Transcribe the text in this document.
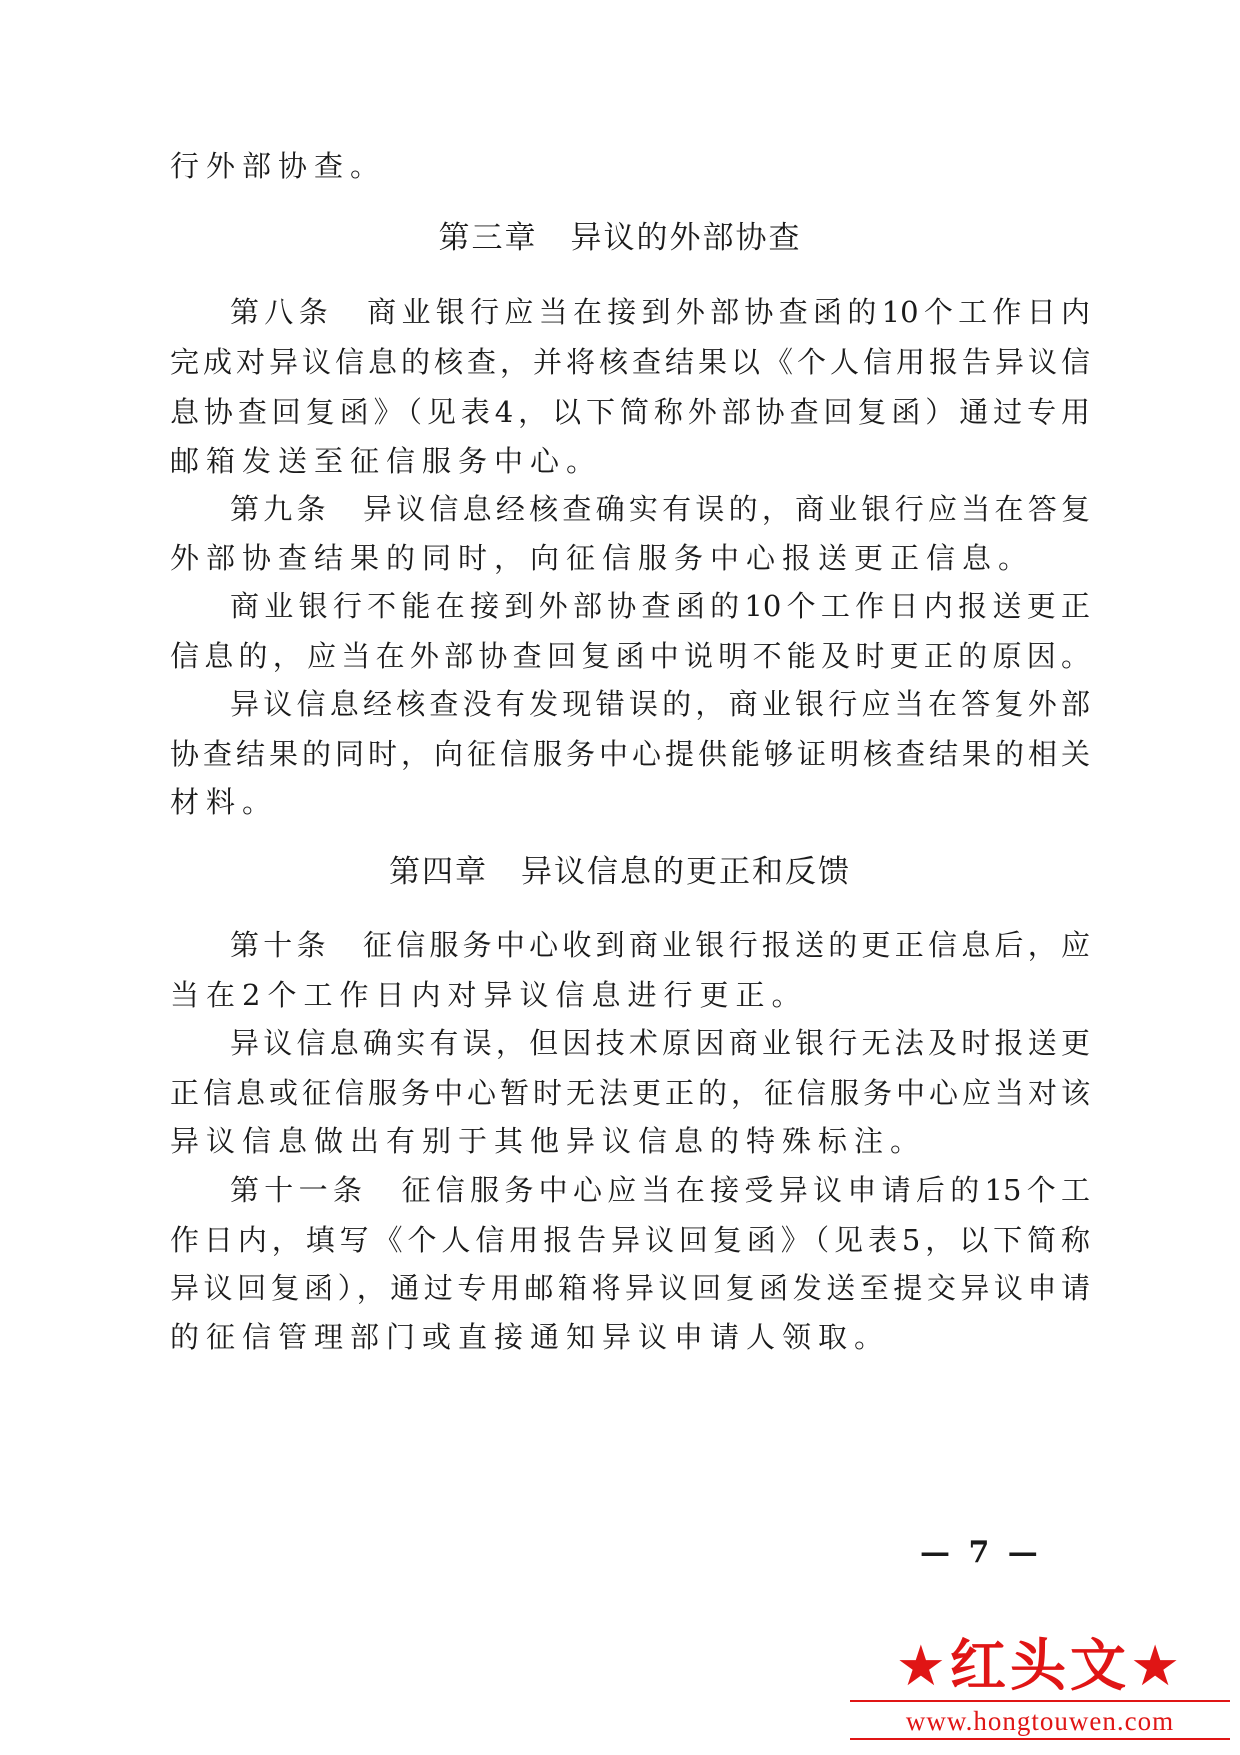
行外部协查。
第三章　异议的外部协查
第八条　商业银行应当在接到外部协查函的10个工作日内
完成对异议信息的核查，并将核查结果以《个人信用报告异议信
息协查回复函》（见表4，以下简称外部协查回复函）通过专用
邮箱发送至征信服务中心。
第九条　异议信息经核查确实有误的，商业银行应当在答复
外部协查结果的同时，向征信服务中心报送更正信息。
商业银行不能在接到外部协查函的10个工作日内报送更正
信息的，应当在外部协查回复函中说明不能及时更正的原因。
异议信息经核查没有发现错误的，商业银行应当在答复外部
协查结果的同时，向征信服务中心提供能够证明核查结果的相关
材料。
第四章　异议信息的更正和反馈
第十条　征信服务中心收到商业银行报送的更正信息后，应
当在2个工作日内对异议信息进行更正。
异议信息确实有误，但因技术原因商业银行无法及时报送更
正信息或征信服务中心暂时无法更正的，征信服务中心应当对该
异议信息做出有别于其他异议信息的特殊标注。
第十一条　征信服务中心应当在接受异议申请后的15个工
作日内，填写《个人信用报告异议回复函》（见表5，以下简称
异议回复函），通过专用邮箱将异议回复函发送至提交异议申请
的征信管理部门或直接通知异议申请人领取。
— 7 —
★红头文★
www.hongtouwen.com
